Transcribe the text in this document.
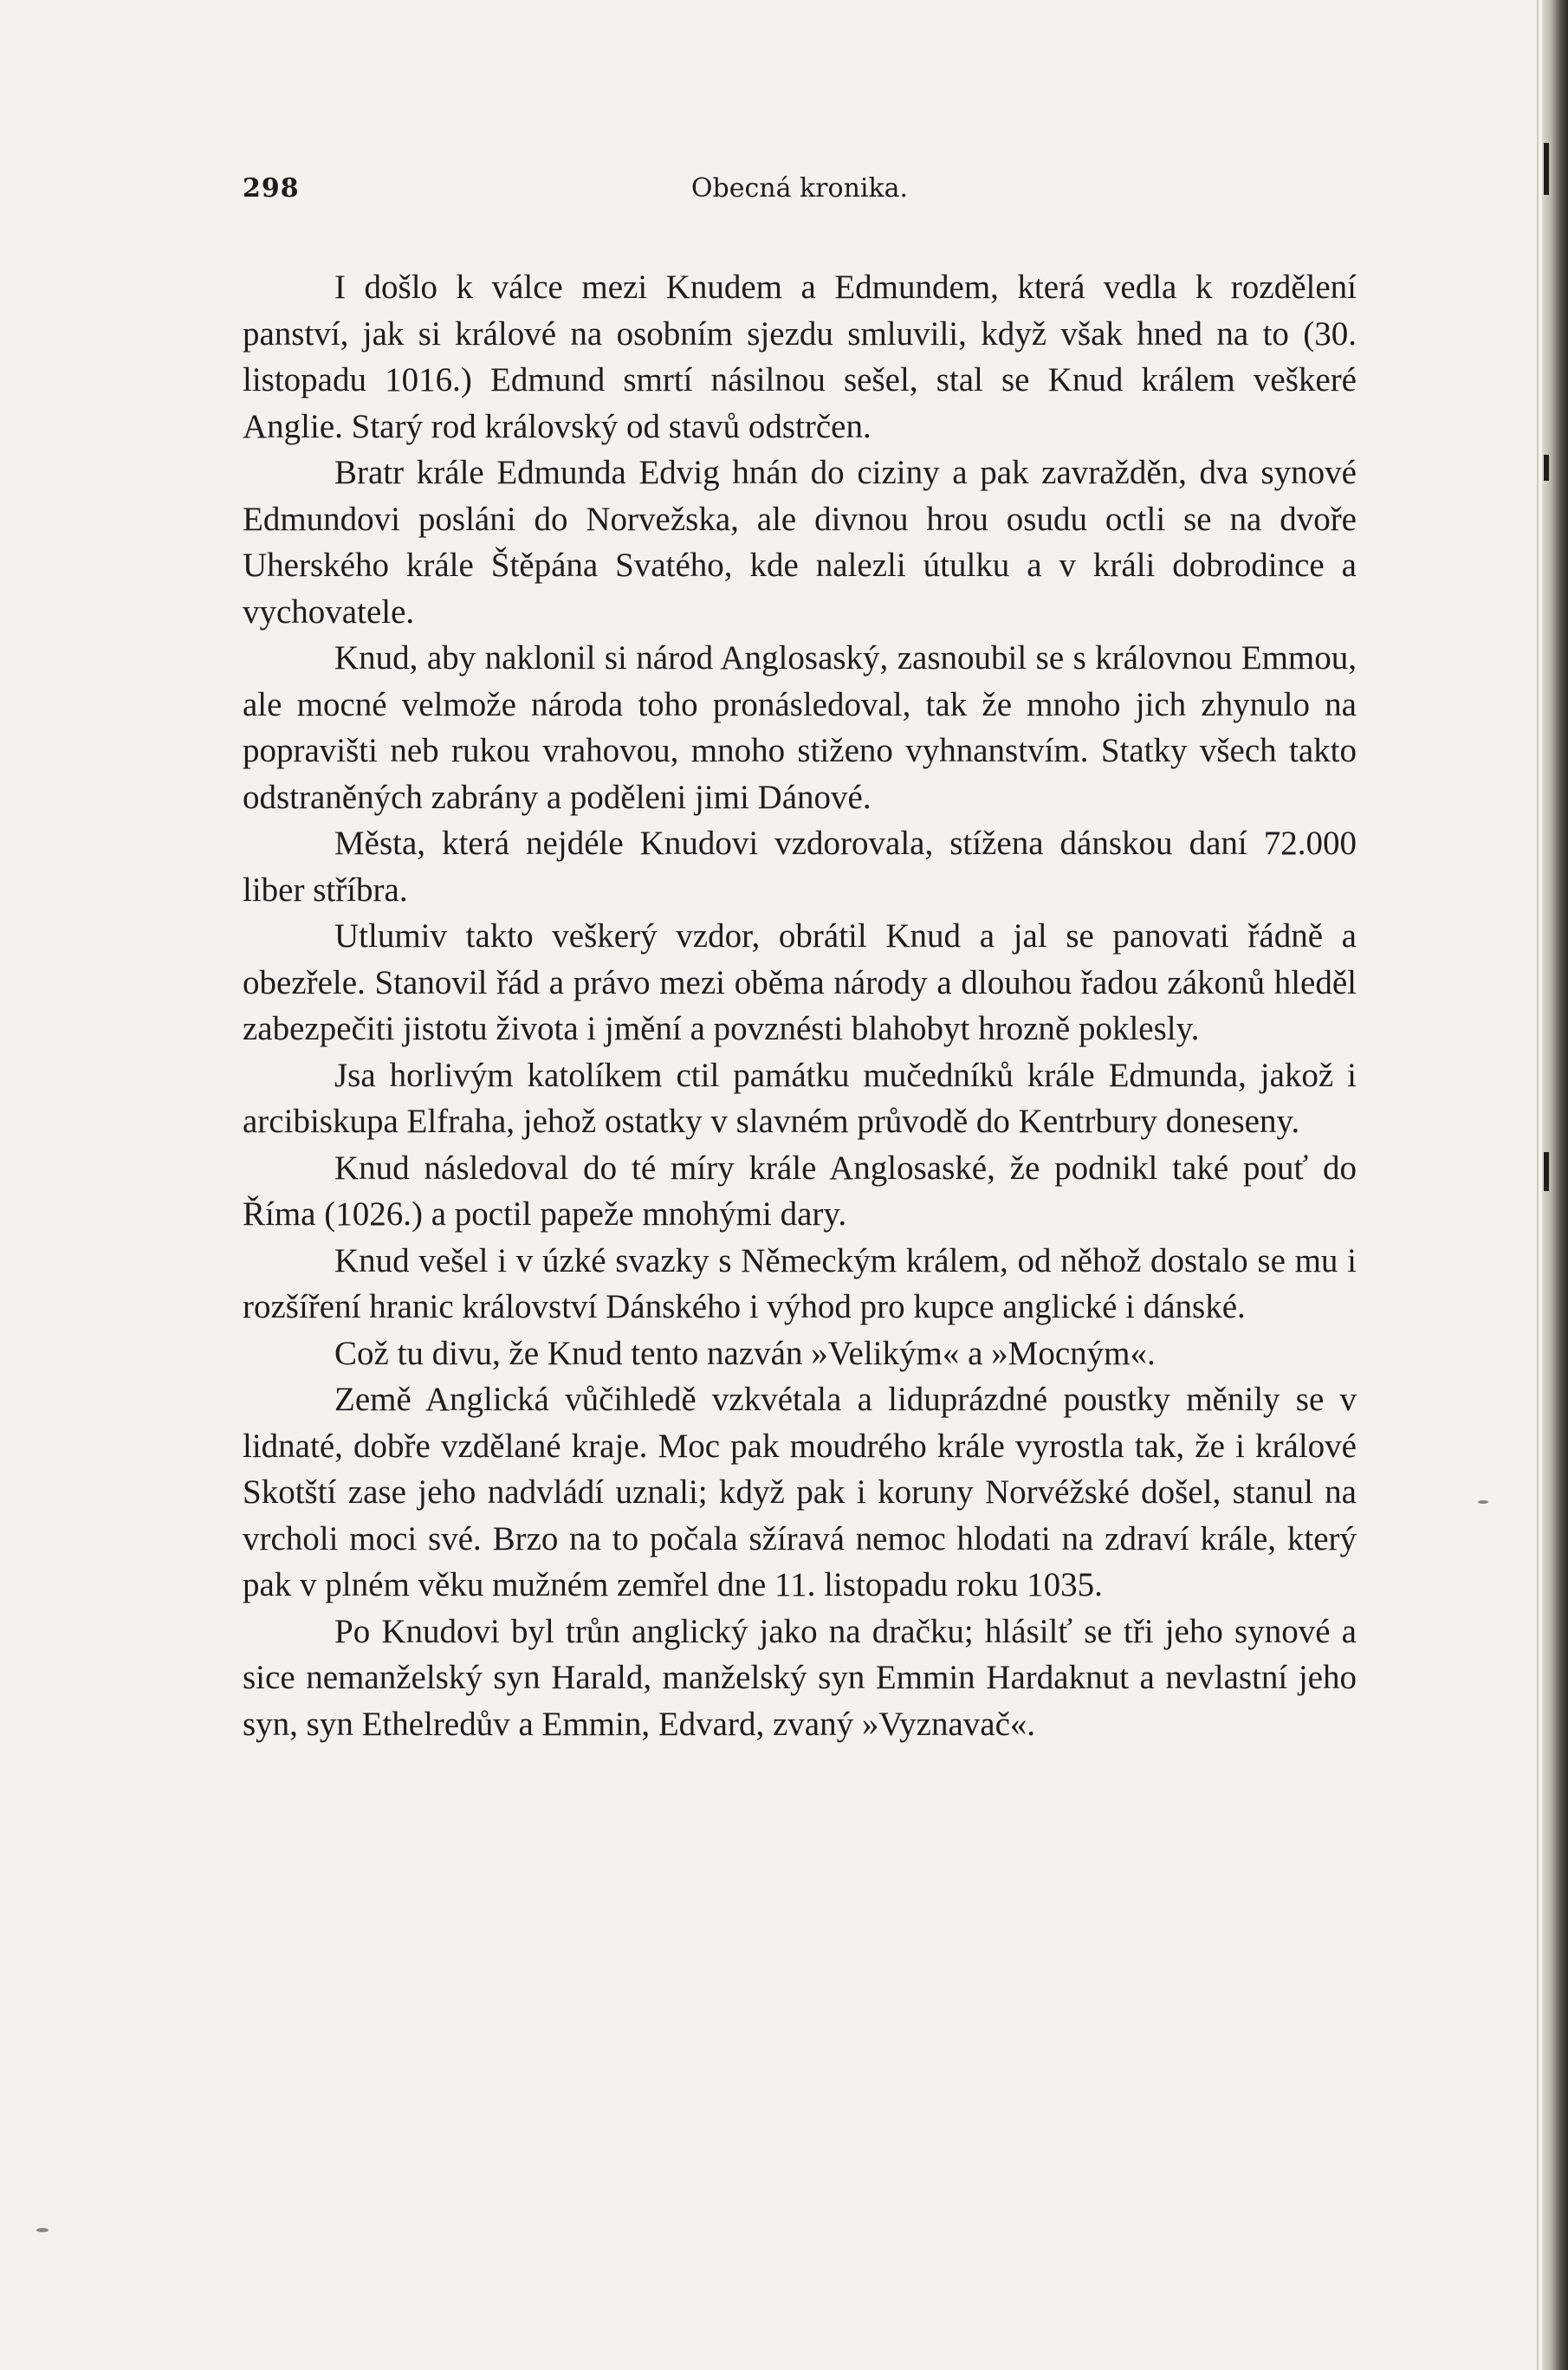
298	Obecná kronika.

I došlo k válce mezi Knudem a Edmundem, která vedla k rozdělení panství, jak si králové na osobním sjezdu smluvili, když však hned na to (30. listopadu 1016.) Edmund smrtí násilnou sešel, stal se Knud králem veškeré Anglie. Starý rod královský od stavů odstrčen.

Bratr krále Edmunda Edvig hnán do ciziny a pak zavražděn, dva synové Edmundovi posláni do Norvežska, ale divnou hrou osudu octli se na dvoře Uherského krále Štěpána Svatého, kde nalezli útulku a v králi dobrodince a vychovatele.

Knud, aby naklonil si národ Anglosaský, zasnoubil se s královnou Emmou, ale mocné velmože národa toho pronásledoval, tak že mnoho jich zhynulo na popravišti neb rukou vrahovou, mnoho stiženo vyhnanstvím. Statky všech takto odstraněných zabrány a poděleni jimi Dánové.

Města, která nejdéle Knudovi vzdorovala, stížena dánskou daní 72.000 liber stříbra.

Utlumiv takto veškerý vzdor, obrátil Knud a jal se panovati řádně a obezřele. Stanovil řád a právo mezi oběma národy a dlouhou řadou zákonů hleděl zabezpečiti jistotu života i jmění a povznésti blahobyt hrozně poklesly.

Jsa horlivým katolíkem ctil památku mučedníků krále Edmunda, jakož i arcibiskupa Elfraha, jehož ostatky v slavném průvodě do Kentrbury doneseny.

Knud následoval do té míry krále Anglosaské, že podnikl také pouť do Říma (1026.) a poctil papeže mnohými dary.

Knud vešel i v úzké svazky s Německým králem, od něhož dostalo se mu i rozšíření hranic království Dánského i výhod pro kupce anglické i dánské.

Což tu divu, že Knud tento nazván »Velikým« a »Mocným«.

Země Anglická vůčihledě vzkvétala a liduprázdné poustky měnily se v lidnaté, dobře vzdělané kraje. Moc pak moudrého krále vyrostla tak, že i králové Skotští zase jeho nadvládí uznali; když pak i koruny Norvéžské došel, stanul na vrcholi moci své. Brzo na to počala sžíravá nemoc hlodati na zdraví krále, který pak v plném věku mužném zemřel dne 11. listopadu roku 1035.

Po Knudovi byl trůn anglický jako na dračku; hlásilť se tři jeho synové a sice nemanželský syn Harald, manželský syn Emmin Hardaknut a nevlastní jeho syn, syn Ethelredův a Emmin, Edvard, zvaný »Vyznavač«.
